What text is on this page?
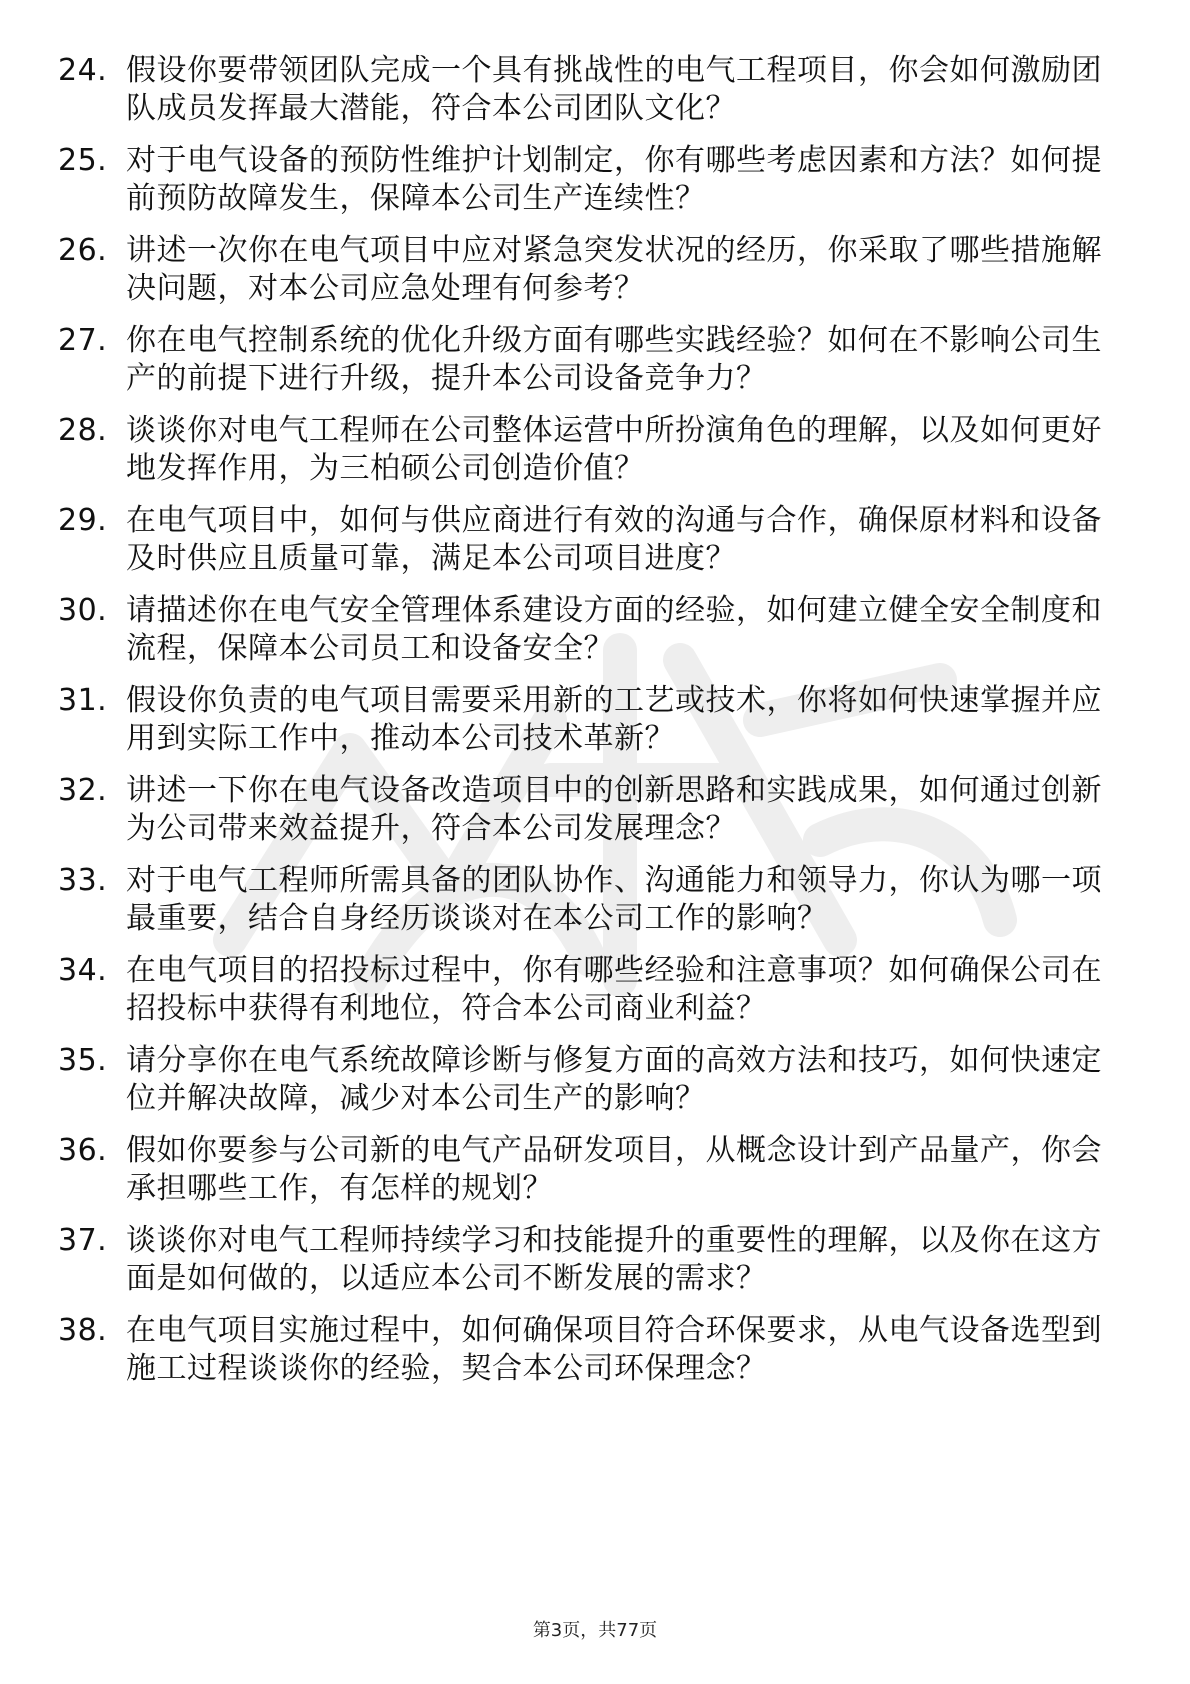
24. 假设你要带领团队完成一个具有挑战性的电气工程项目，你会如何激励团队成员发挥最大潜能，符合本公司团队文化？
25. 对于电气设备的预防性维护计划制定，你有哪些考虑因素和方法？如何提前预防故障发生，保障本公司生产连续性？
26. 讲述一次你在电气项目中应对紧急突发状况的经历，你采取了哪些措施解决问题，对本公司应急处理有何参考？
27. 你在电气控制系统的优化升级方面有哪些实践经验？如何在不影响公司生产的前提下进行升级，提升本公司设备竞争力？
28. 谈谈你对电气工程师在公司整体运营中所扮演角色的理解，以及如何更好地发挥作用，为三柏硕公司创造价值？
29. 在电气项目中，如何与供应商进行有效的沟通与合作，确保原材料和设备及时供应且质量可靠，满足本公司项目进度？
30. 请描述你在电气安全管理体系建设方面的经验，如何建立健全安全制度和流程，保障本公司员工和设备安全？
31. 假设你负责的电气项目需要采用新的工艺或技术，你将如何快速掌握并应用到实际工作中，推动本公司技术革新？
32. 讲述一下你在电气设备改造项目中的创新思路和实践成果，如何通过创新为公司带来效益提升，符合本公司发展理念？
33. 对于电气工程师所需具备的团队协作、沟通能力和领导力，你认为哪一项最重要，结合自身经历谈谈对在本公司工作的影响？
34. 在电气项目的招投标过程中，你有哪些经验和注意事项？如何确保公司在招投标中获得有利地位，符合本公司商业利益？
35. 请分享你在电气系统故障诊断与修复方面的高效方法和技巧，如何快速定位并解决故障，减少对本公司生产的影响？
36. 假如你要参与公司新的电气产品研发项目，从概念设计到产品量产，你会承担哪些工作，有怎样的规划？
37. 谈谈你对电气工程师持续学习和技能提升的重要性的理解，以及你在这方面是如何做的，以适应本公司不断发展的需求？
38. 在电气项目实施过程中，如何确保项目符合环保要求，从电气设备选型到施工过程谈谈你的经验，契合本公司环保理念？
第3页，共77页
